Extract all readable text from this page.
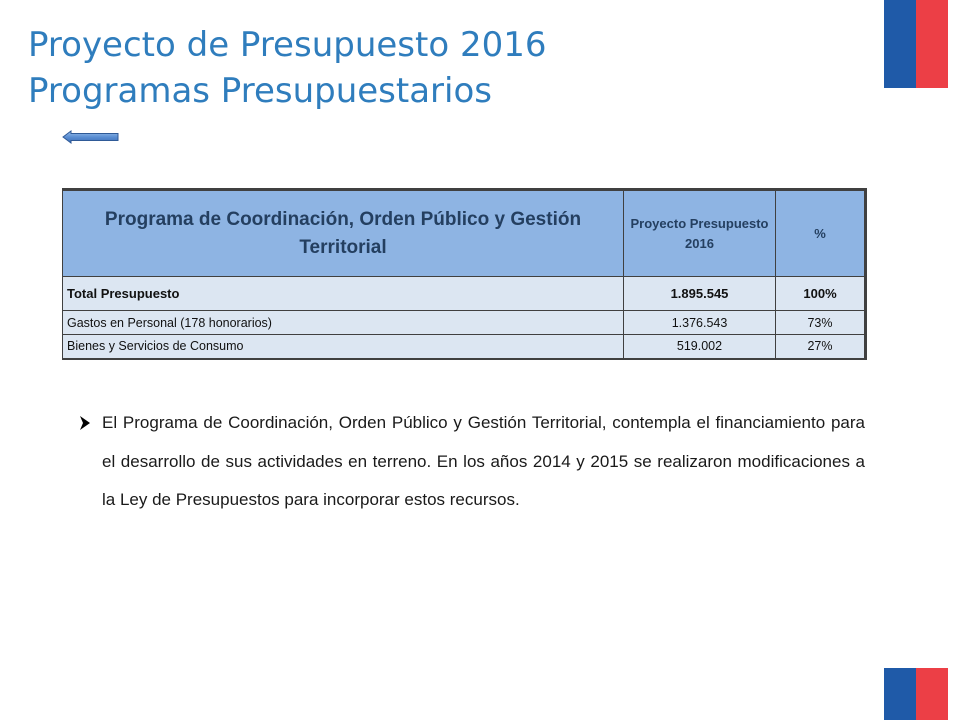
Proyecto de Presupuesto 2016
Programas Presupuestarios
Programa de Coordinación, Orden Público y Gestión Territorial	Proyecto Presupuesto 2016	%
Total Presupuesto	1.895.545	100%
Gastos en Personal (178 honorarios)	1.376.543	73%
Bienes y Servicios de Consumo	519.002	27%

El Programa de Coordinación, Orden Público y Gestión Territorial, contempla el financiamiento para el desarrollo de sus actividades en terreno. En los años 2014 y 2015 se realizaron modificaciones a la Ley de Presupuestos para incorporar estos recursos.
